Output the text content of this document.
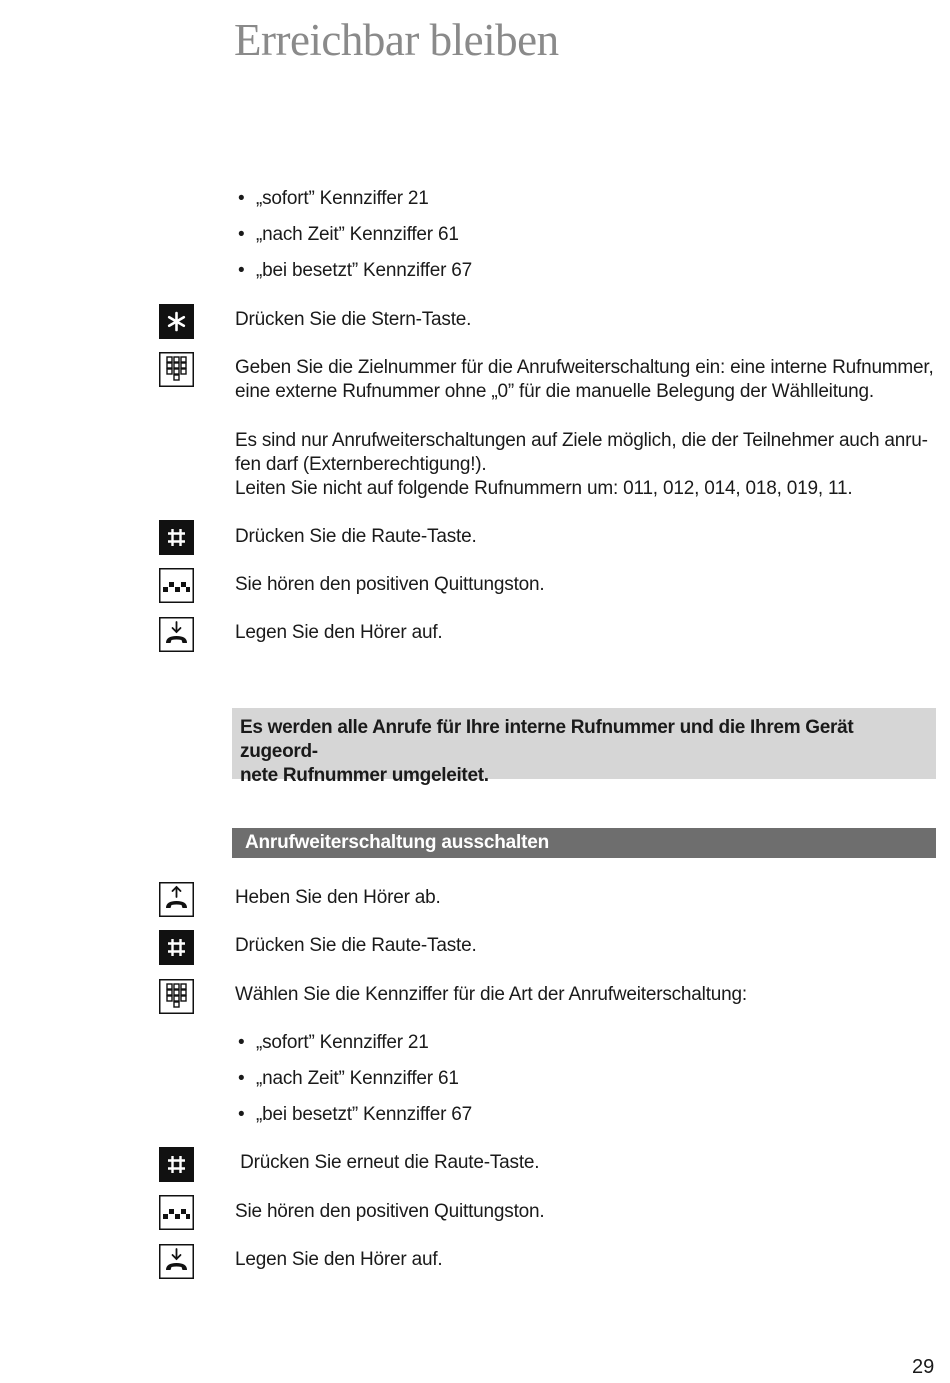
Erreichbar bleiben
• „sofort” Kennziffer 21
• „nach Zeit” Kennziffer 61
• „bei besetzt” Kennziffer 67

Drücken Sie die Stern-Taste.

Geben Sie die Zielnummer für die Anrufweiterschaltung ein: eine interne Rufnummer,

eine externe Rufnummer ohne „0” für die manuelle Belegung der Wählleitung.

Es sind nur Anrufweiterschaltungen auf Ziele möglich, die der Teilnehmer auch anru-

fen darf (Externberechtigung!).

Leiten Sie nicht auf folgende Rufnummern um: 011, 012, 014, 018, 019, 11.

Drücken Sie die Raute-Taste.

Sie hören den positiven Quittungston.

Legen Sie den Hörer auf.

Es werden alle Anrufe für Ihre interne Rufnummer und die Ihrem Gerät zugeord-
nete Rufnummer umgeleitet.
Anrufweiterschaltung ausschalten

Heben Sie den Hörer ab.

Drücken Sie die Raute-Taste.

Wählen Sie die Kennziffer für die Art der Anrufweiterschaltung:

• „sofort” Kennziffer 21
• „nach Zeit” Kennziffer 61
• „bei besetzt” Kennziffer 67

Drücken Sie erneut die Raute-Taste.

Sie hören den positiven Quittungston.

Legen Sie den Hörer auf.

29
